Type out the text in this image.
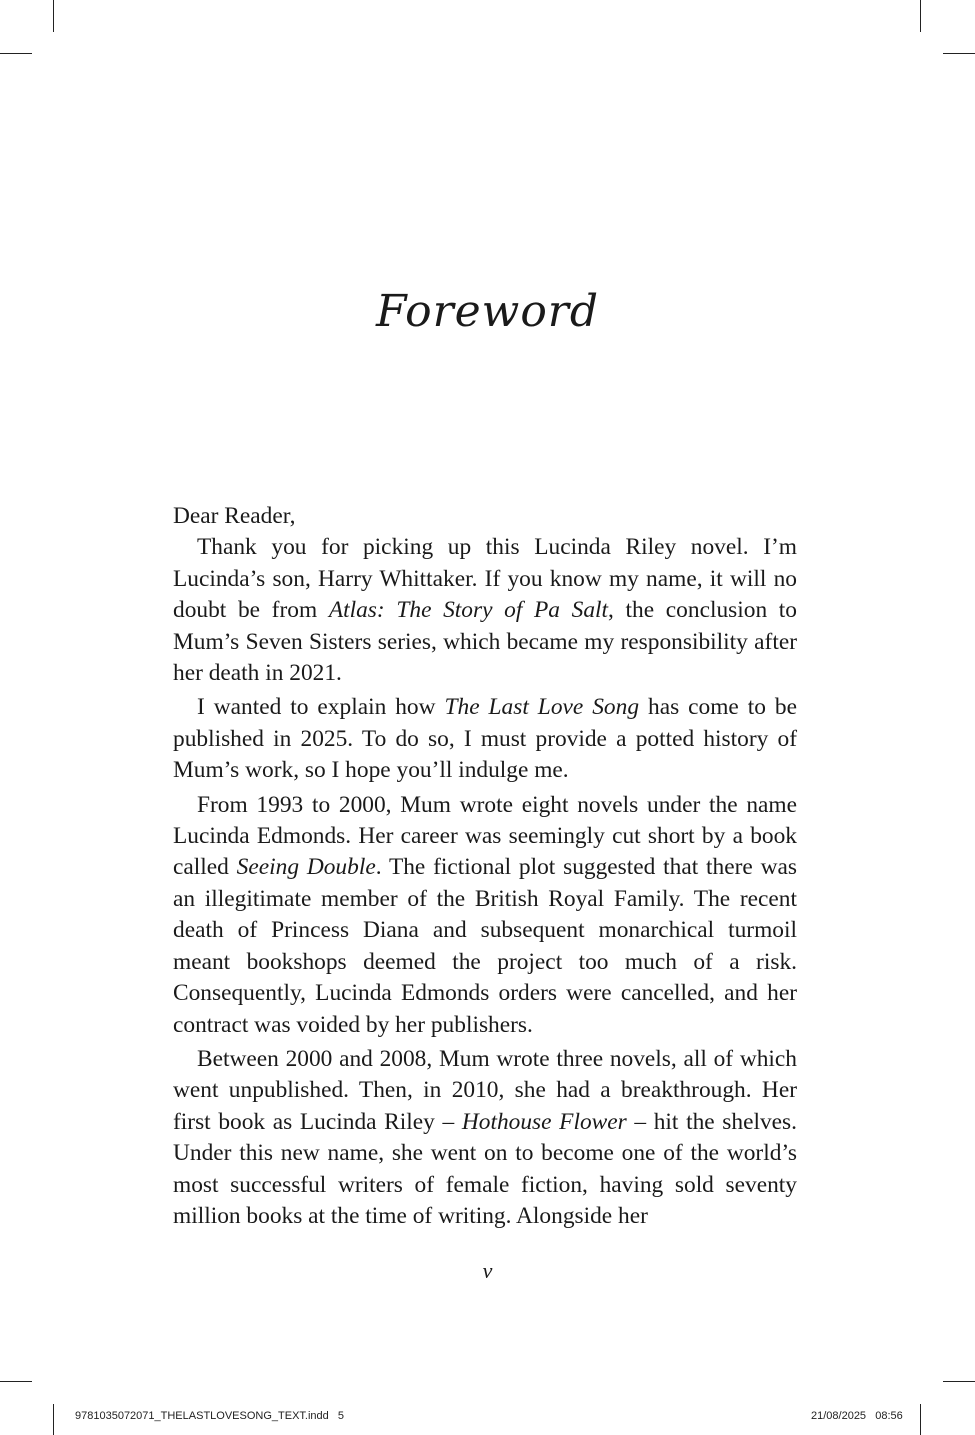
Foreword

Dear Reader,

Thank you for picking up this Lucinda Riley novel. I’m Lucinda’s son, Harry Whittaker. If you know my name, it will no doubt be from Atlas: The Story of Pa Salt, the conclusion to Mum’s Seven Sisters series, which became my responsibility after her death in 2021.

I wanted to explain how The Last Love Song has come to be published in 2025. To do so, I must provide a potted history of Mum’s work, so I hope you’ll indulge me.

From 1993 to 2000, Mum wrote eight novels under the name Lucinda Edmonds. Her career was seemingly cut short by a book called Seeing Double. The fictional plot suggested that there was an illegitimate member of the British Royal Family. The recent death of Princess Diana and subsequent monarchical turmoil meant bookshops deemed the project too much of a risk. Consequently, Lucinda Edmonds orders were cancelled, and her contract was voided by her publishers.

Between 2000 and 2008, Mum wrote three novels, all of which went unpublished. Then, in 2010, she had a breakthrough. Her first book as Lucinda Riley – Hothouse Flower – hit the shelves. Under this new name, she went on to become one of the world’s most successful writers of female fiction, having sold seventy million books at the time of writing. Alongside her

v
9781035072071_THELASTLOVESONG_TEXT.indd   5	21/08/2025   08:56
